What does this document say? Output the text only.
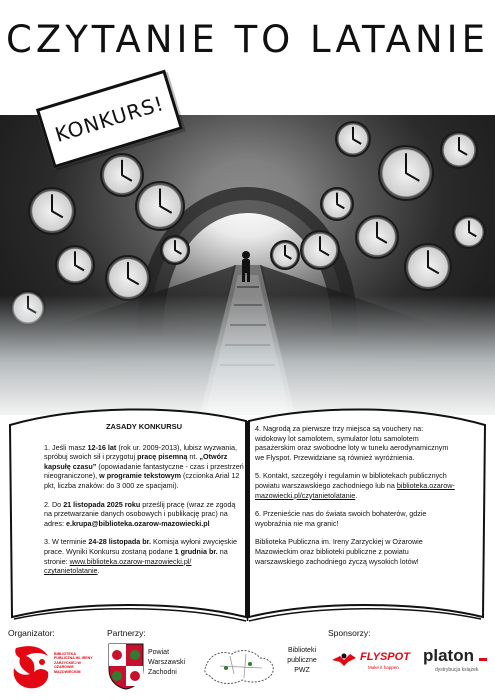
CZYTANIE TO LATANIE
KONKURS!
ZASADY KONKURSU

1. Jeśli masz 12-16 lat (rok ur. 2009-2013), lubisz wyzwania, spróbuj swoich sił i przygotuj pracę pisemną nt. „Otwórz kapsułę czasu” (opowiadanie fantastyczne - czas i przestrzeń nieograniczone), w programie tekstowym (czcionka Arial 12 pkt, liczba znaków: do 3 000 ze spacjami).

2. Do 21 listopada 2025 roku prześlij pracę (wraz ze zgodą na przetwarzanie danych osobowych i publikację prac) na adres: e.krupa@biblioteka.ozarow-mazowiecki.pl

3. W terminie 24-28 listopada br. Komisja wyłoni zwycięskie prace. Wyniki Konkursu zostaną podane 1 grudnia br. na stronie: www.biblioteka.ozarow-mazowiecki.pl/ czytanietolatanie.

4. Nagrodą za pierwsze trzy miejsca są vouchery na: widokowy lot samolotem, symulator lotu samolotem pasażerskim oraz swobodne loty w tunelu aerodynamicznym we Flyspot. Przewidziane są również wyróżnienia.

5. Kontakt, szczegóły i regulamin w bibliotekach publicznych powiatu warszawskiego zachodniego lub na biblioteka.ozarow-mazowiecki.pl/czytanietolatanie.

6. Przenieście nas do świata swoich bohaterów, gdzie wyobraźnia nie ma granic!

Biblioteka Publiczna im. Ireny Zarzyckiej w Ożarowie Mazowieckim oraz biblioteki publiczne z powiatu warszawskiego zachodniego życzą wysokich lotów!

Organizator:	Partnerzy:	Sponsorzy:
BIBLIOTEKA PUBLICZNA IM. IRENY ZARZYCKIEJ W OŻAROWIE MAZOWIECKIM
Powiat
Warszawski
Zachodni
Biblioteki
publiczne
PWZ
FLYSPOT
Make it happen
platon
dystrybucja książek
